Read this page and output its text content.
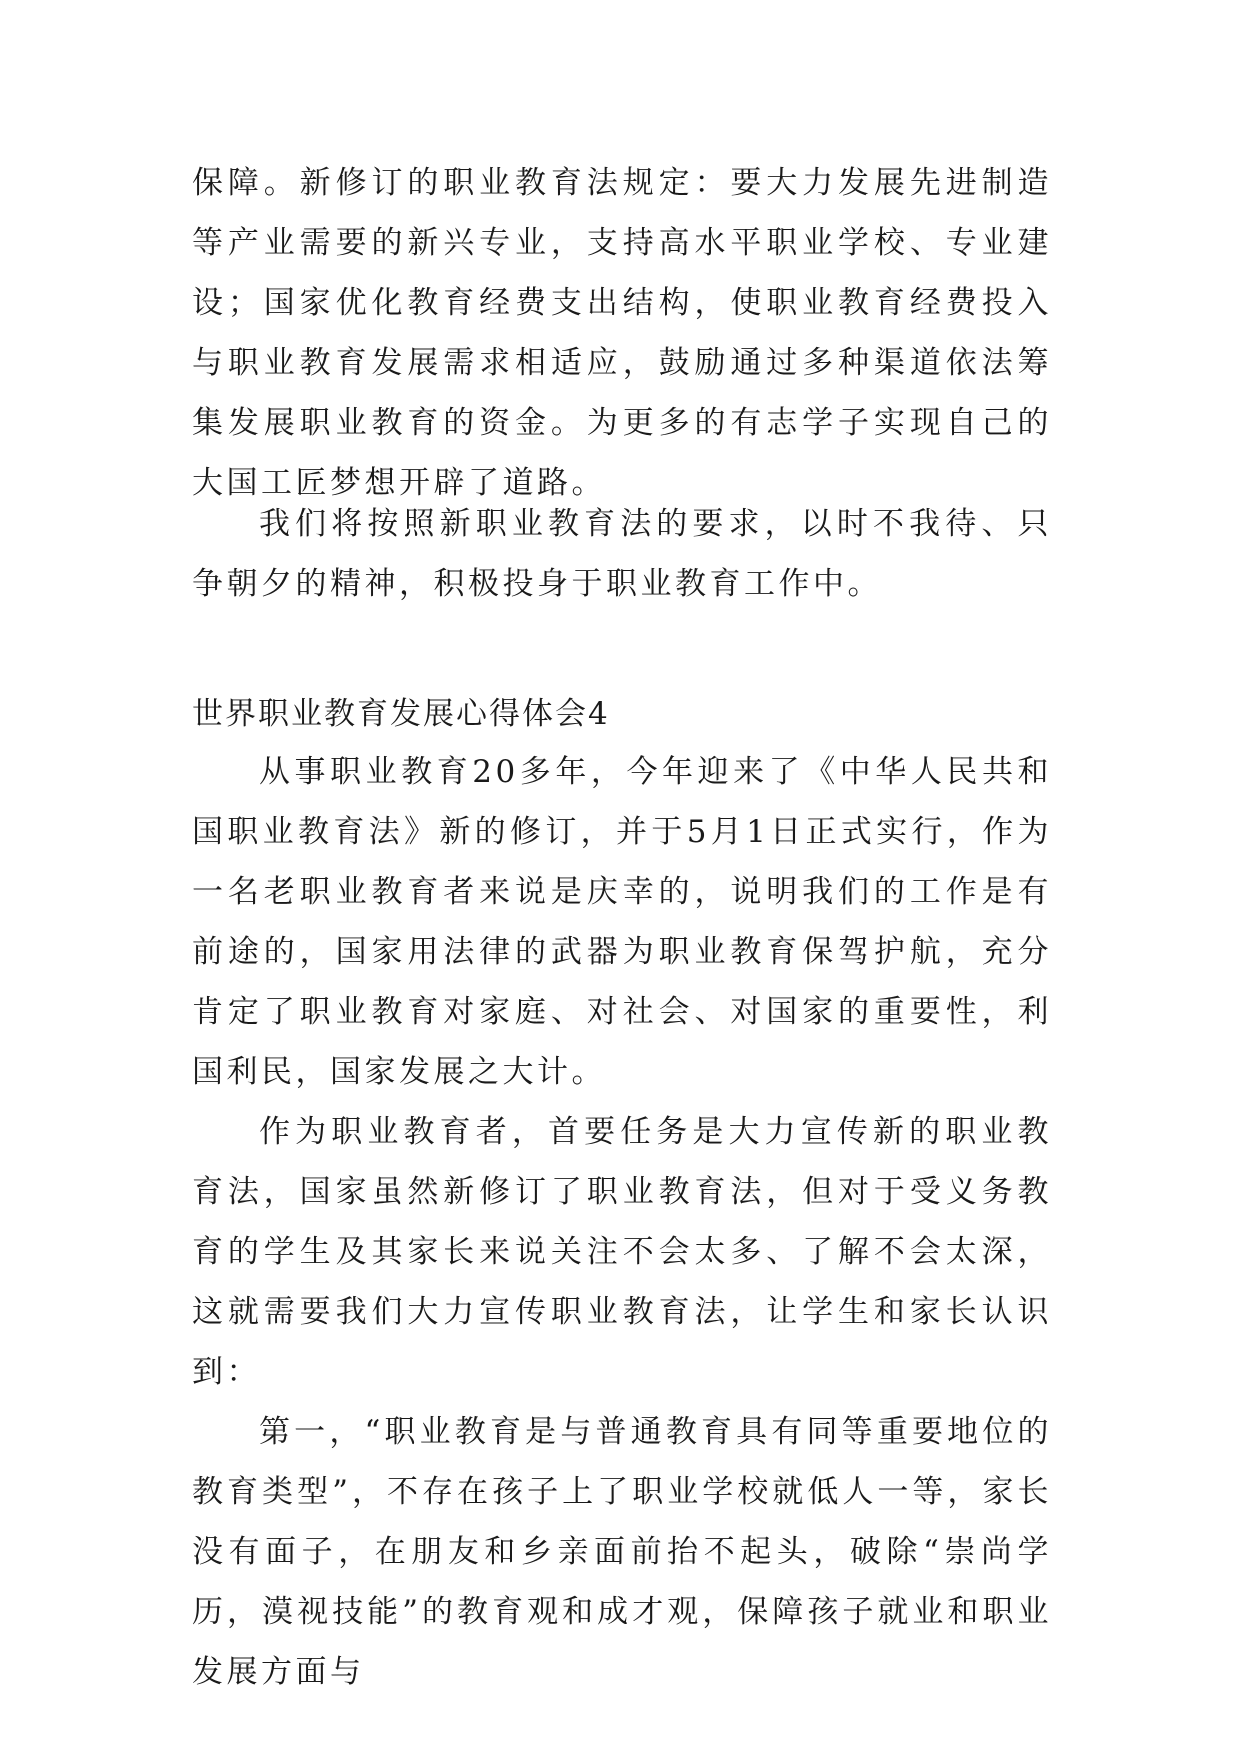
保障。新修订的职业教育法规定：要大力发展先进制造等产业需要的新兴专业，支持高水平职业学校、专业建设；国家优化教育经费支出结构，使职业教育经费投入与职业教育发展需求相适应，鼓励通过多种渠道依法筹集发展职业教育的资金。为更多的有志学子实现自己的大国工匠梦想开辟了道路。

我们将按照新职业教育法的要求，以时不我待、只争朝夕的精神，积极投身于职业教育工作中。

世界职业教育发展心得体会4

从事职业教育20多年，今年迎来了《中华人民共和国职业教育法》新的修订，并于5月1日正式实行，作为一名老职业教育者来说是庆幸的，说明我们的工作是有前途的，国家用法律的武器为职业教育保驾护航，充分肯定了职业教育对家庭、对社会、对国家的重要性，利国利民，国家发展之大计。

作为职业教育者，首要任务是大力宣传新的职业教育法，国家虽然新修订了职业教育法，但对于受义务教育的学生及其家长来说关注不会太多、了解不会太深，这就需要我们大力宣传职业教育法，让学生和家长认识到：

第一，“职业教育是与普通教育具有同等重要地位的教育类型”，不存在孩子上了职业学校就低人一等，家长没有面子，在朋友和乡亲面前抬不起头，破除“崇尚学历，漠视技能”的教育观和成才观，保障孩子就业和职业发展方面与
